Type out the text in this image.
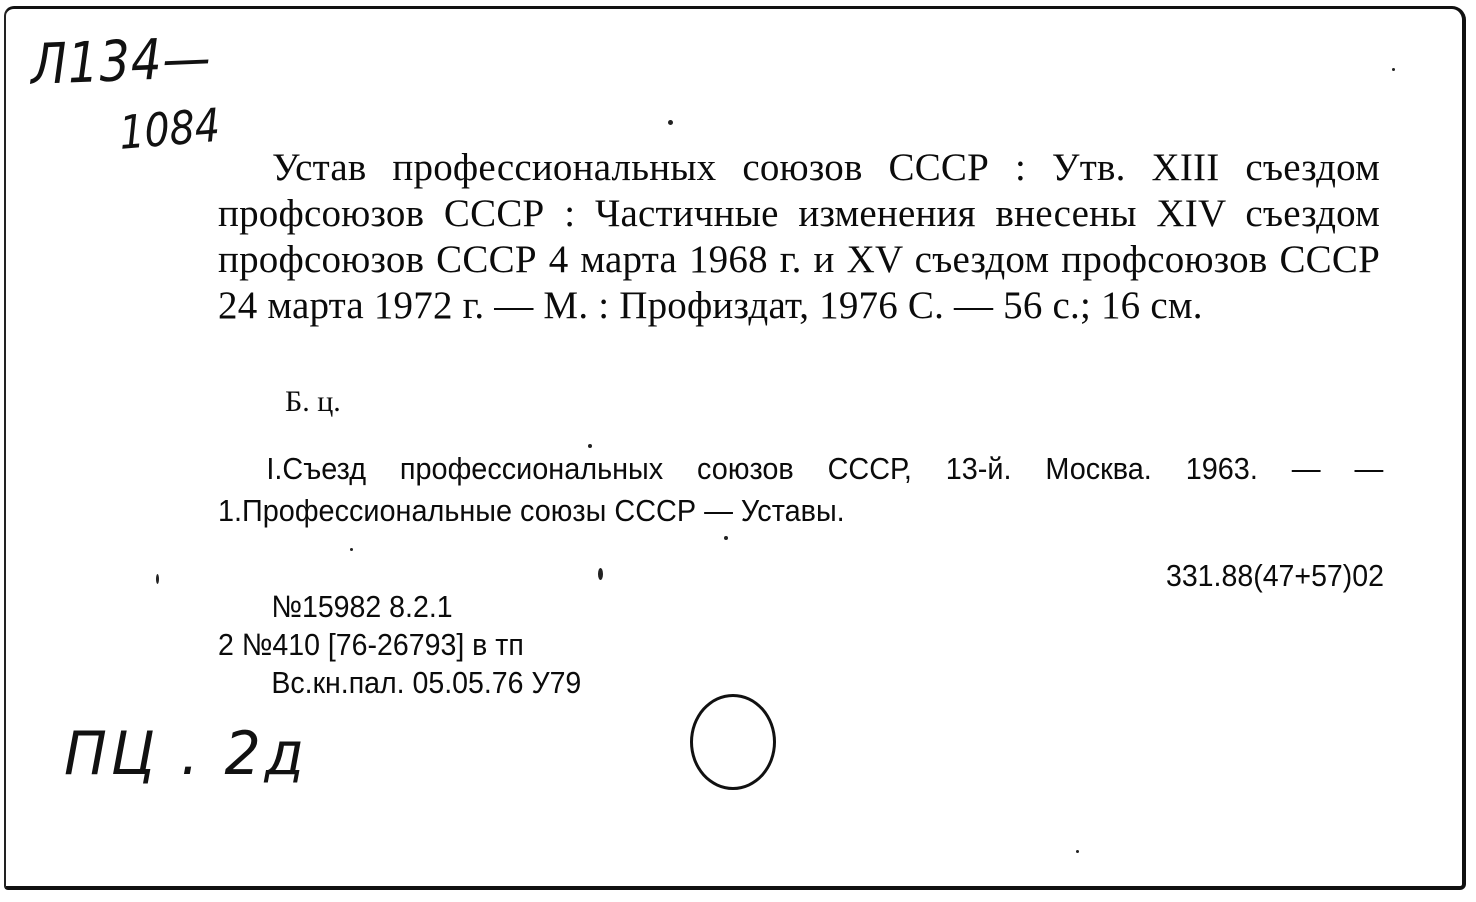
Л134—
1084
Устав профессиональных союзов СССР : Утв. XIII съездом профсоюзов СССР : Частичные изменения внесены XIV съездом профсоюзов СССР 4 марта 1968 г. и XV съездом профсоюзов СССР 24 марта 1972 г. — М. : Профиздат, 1976 С. — 56 с.; 16 см.
Б. ц.
I.Съезд профессиональных союзов СССР, 13-й. Москва. 1963. — —1.Профессиональные союзы СССР — Уставы.
331.88(47+57)02
№15982 8.2.1
2 №410 [76-26793] в тп
Вс.кн.пал. 05.05.76 У79
ПЦ . 2д
